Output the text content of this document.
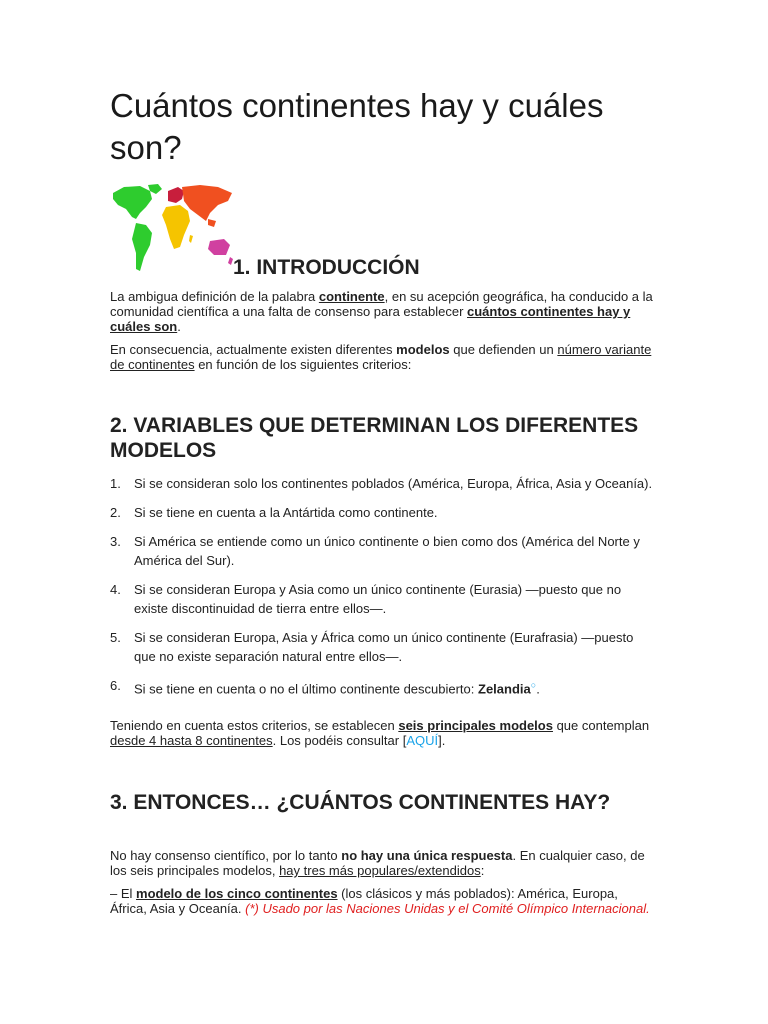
Cuántos continentes hay y cuáles son?
1. INTRODUCCIÓN

La ambigua definición de la palabra continente, en su acepción geográfica, ha conducido a la comunidad científica a una falta de consenso para establecer cuántos continentes hay y cuáles son.

En consecuencia, actualmente existen diferentes modelos que defienden un número variante de continentes en función de los siguientes criterios:

2. VARIABLES QUE DETERMINAN LOS DIFERENTES MODELOS
1. Si se consideran solo los continentes poblados (América, Europa, África, Asia y Oceanía).
2. Si se tiene en cuenta a la Antártida como continente.
3. Si América se entiende como un único continente o bien como dos (América del Norte y América del Sur).
4. Si se consideran Europa y Asia como un único continente (Eurasia) —puesto que no existe discontinuidad de tierra entre ellos—.
5. Si se consideran Europa, Asia y África como un único continente (Eurafrasia) —puesto que no existe separación natural entre ellos—.
6. Si se tiene en cuenta o no el último continente descubierto: Zelandia○.

Teniendo en cuenta estos criterios, se establecen seis principales modelos que contemplan desde 4 hasta 8 continentes. Los podéis consultar [AQUÍ].

3. ENTONCES… ¿CUÁNTOS CONTINENTES HAY?

No hay consenso científico, por lo tanto no hay una única respuesta. En cualquier caso, de los seis principales modelos, hay tres más populares/extendidos:

– El modelo de los cinco continentes (los clásicos y más poblados): América, Europa, África, Asia y Oceanía. (*) Usado por las Naciones Unidas y el Comité Olímpico Internacional.
